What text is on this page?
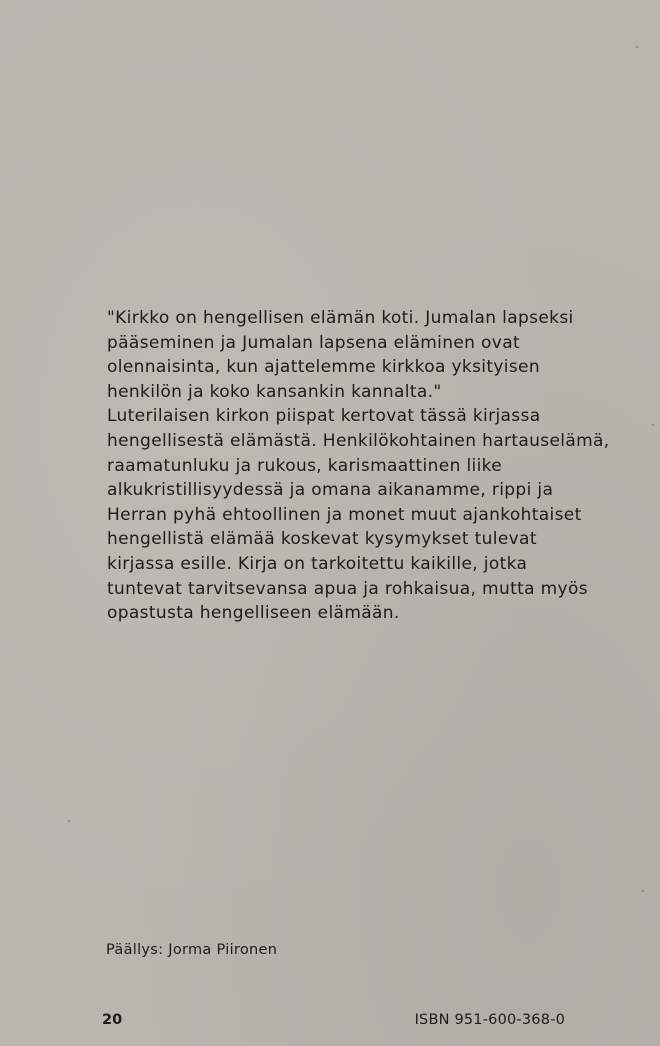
"Kirkko on hengellisen elämän koti. Jumalan lapseksi
pääseminen ja Jumalan lapsena eläminen ovat
olennaisinta, kun ajattelemme kirkkoa yksityisen
henkilön ja koko kansankin kannalta."
Luterilaisen kirkon piispat kertovat tässä kirjassa
hengellisestä elämästä. Henkilökohtainen hartauselämä,
raamatunluku ja rukous, karismaattinen liike
alkukristillisyydessä ja omana aikanamme, rippi ja
Herran pyhä ehtoollinen ja monet muut ajankohtaiset
hengellistä elämää koskevat kysymykset tulevat
kirjassa esille. Kirja on tarkoitettu kaikille, jotka
tuntevat tarvitsevansa apua ja rohkaisua, mutta myös
opastusta hengelliseen elämään.

Päällys: Jorma Piironen
20	ISBN 951-600-368-0
